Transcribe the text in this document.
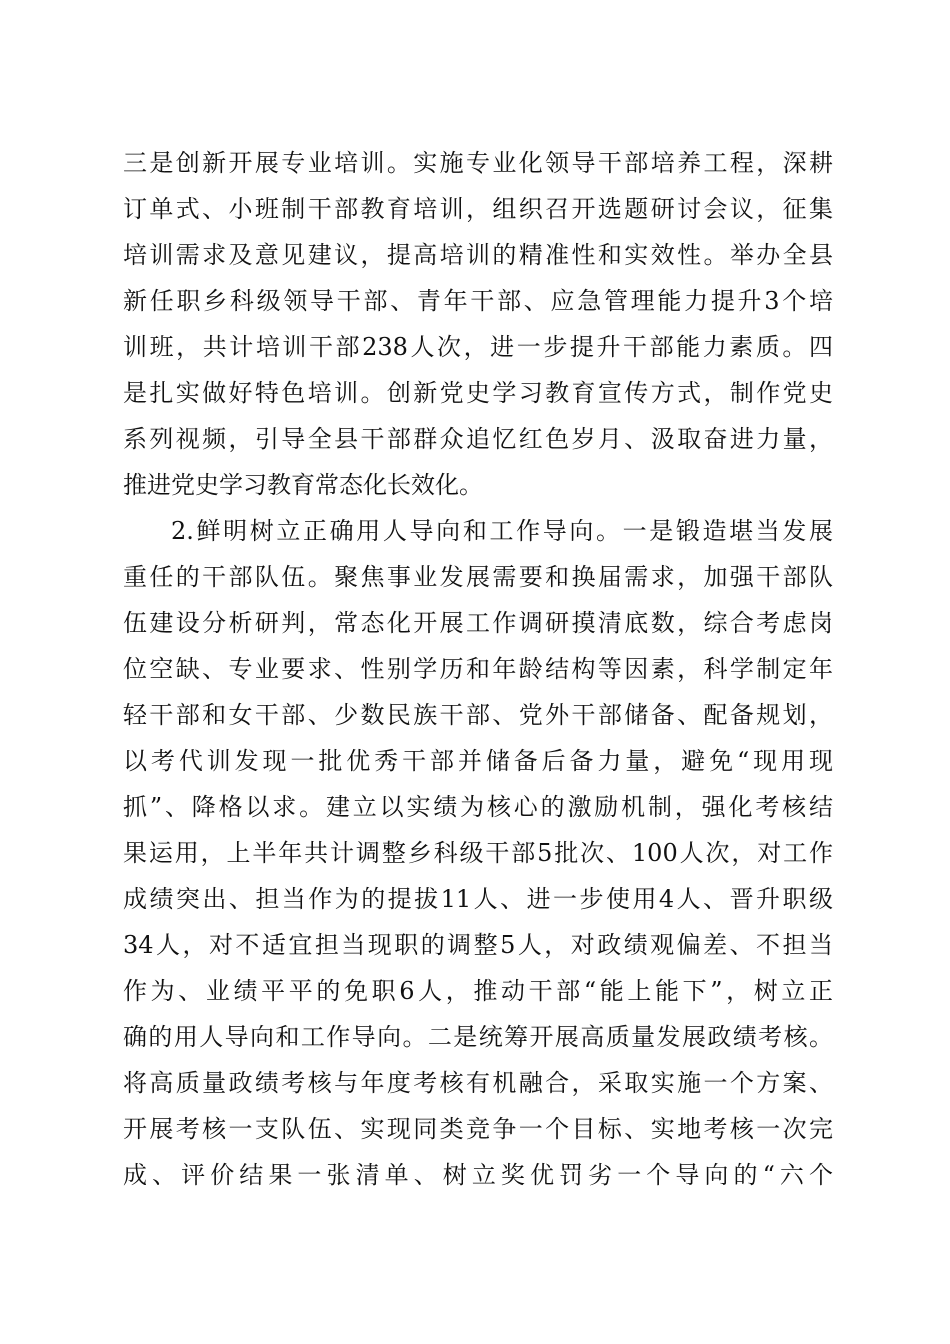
三是创新开展专业培训。实施专业化领导干部培养工程，深耕
订单式、小班制干部教育培训，组织召开选题研讨会议，征集
培训需求及意见建议，提高培训的精准性和实效性。举办全县
新任职乡科级领导干部、青年干部、应急管理能力提升3个培
训班，共计培训干部238人次，进一步提升干部能力素质。四
是扎实做好特色培训。创新党史学习教育宣传方式，制作党史
系列视频，引导全县干部群众追忆红色岁月、汲取奋进力量，
推进党史学习教育常态化长效化。
2.鲜明树立正确用人导向和工作导向。一是锻造堪当发展
重任的干部队伍。聚焦事业发展需要和换届需求，加强干部队
伍建设分析研判，常态化开展工作调研摸清底数，综合考虑岗
位空缺、专业要求、性别学历和年龄结构等因素，科学制定年
轻干部和女干部、少数民族干部、党外干部储备、配备规划，
以考代训发现一批优秀干部并储备后备力量，避免“现用现
抓”、降格以求。建立以实绩为核心的激励机制，强化考核结
果运用，上半年共计调整乡科级干部5批次、100人次，对工作
成绩突出、担当作为的提拔11人、进一步使用4人、晋升职级
34人，对不适宜担当现职的调整5人，对政绩观偏差、不担当
作为、业绩平平的免职6人，推动干部“能上能下”，树立正
确的用人导向和工作导向。二是统筹开展高质量发展政绩考核。
将高质量政绩考核与年度考核有机融合，采取实施一个方案、
开展考核一支队伍、实现同类竞争一个目标、实地考核一次完
成、评价结果一张清单、树立奖优罚劣一个导向的“六个
